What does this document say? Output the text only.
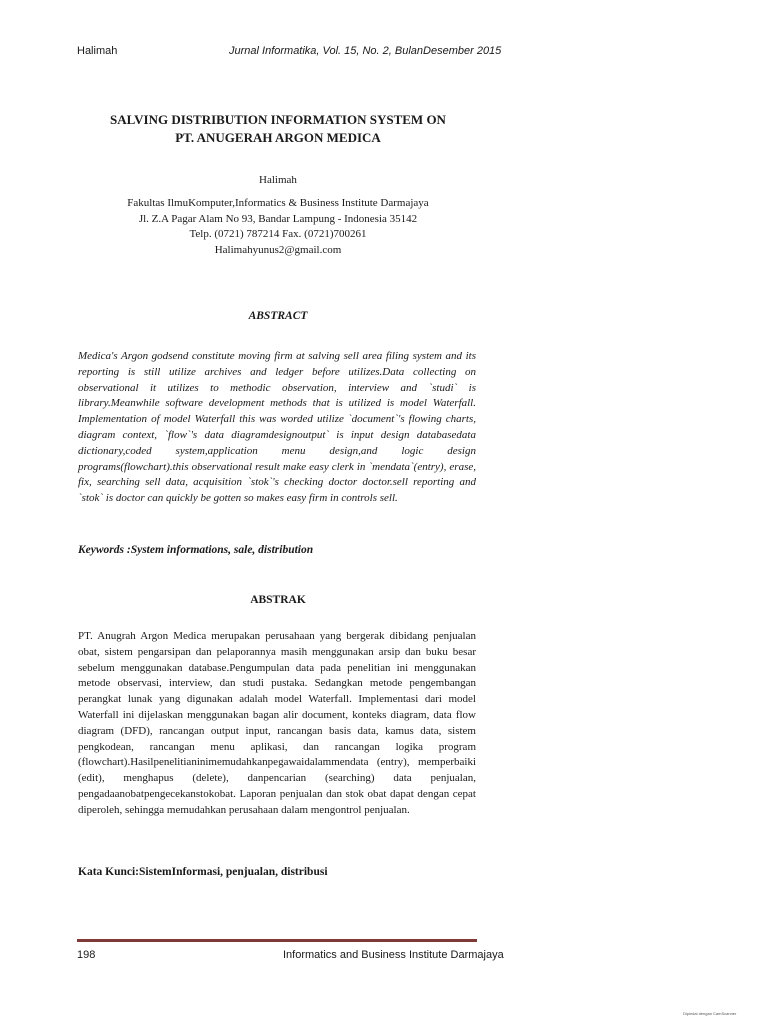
Halimah	Jurnal Informatika, Vol. 15, No. 2, BulanDesember 2015
SALVING DISTRIBUTION INFORMATION SYSTEM ON
PT. ANUGERAH ARGON MEDICA
Halimah
Fakultas IlmuKomputer,Informatics & Business Institute Darmajaya
Jl. Z.A Pagar Alam No 93, Bandar Lampung - Indonesia 35142
Telp. (0721) 787214 Fax. (0721)700261
Halimahyunus2@gmail.com
ABSTRACT
Medica's Argon godsend constitute moving firm at salving sell area filing system and its reporting is still utilize archives and ledger before utilizes.Data collecting on observational it utilizes to methodic observation, interview and `studi` is library.Meanwhile software development methods that is utilized is model Waterfall. Implementation of model Waterfall this was worded utilize `document`'s flowing charts, diagram context, `flow`'s data diagramdesignoutput` is input design databasedata dictionary,coded system,application menu design,and logic design programs(flowchart).this observational result make easy clerk in `mendata`(entry), erase, fix, searching sell data, acquisition `stok`'s checking doctor doctor.sell reporting and `stok` is doctor can quickly be gotten so makes easy firm in controls sell.
Keywords :System informations, sale, distribution
ABSTRAK
PT. Anugrah Argon Medica merupakan perusahaan yang bergerak dibidang penjualan obat, sistem pengarsipan dan pelaporannya masih menggunakan arsip dan buku besar sebelum menggunakan database.Pengumpulan data pada penelitian ini menggunakan metode observasi, interview, dan studi pustaka. Sedangkan metode pengembangan perangkat lunak yang digunakan adalah model Waterfall. Implementasi dari model Waterfall ini dijelaskan menggunakan bagan alir document, konteks diagram, data flow diagram (DFD), rancangan output input, rancangan basis data, kamus data, sistem pengkodean, rancangan menu aplikasi, dan rancangan logika program (flowchart).Hasilpenelitianinimemudahkanpegawaidalammendata (entry), memperbaiki (edit), menghapus (delete), danpencarian (searching) data penjualan, pengadaanobatpengecekanstokobat. Laporan penjualan dan stok obat dapat dengan cepat diperoleh, sehingga memudahkan perusahaan dalam mengontrol penjualan.
Kata Kunci:SistemInformasi, penjualan, distribusi
198	Informatics and Business Institute Darmajaya
Dipindai dengan CamScanner
